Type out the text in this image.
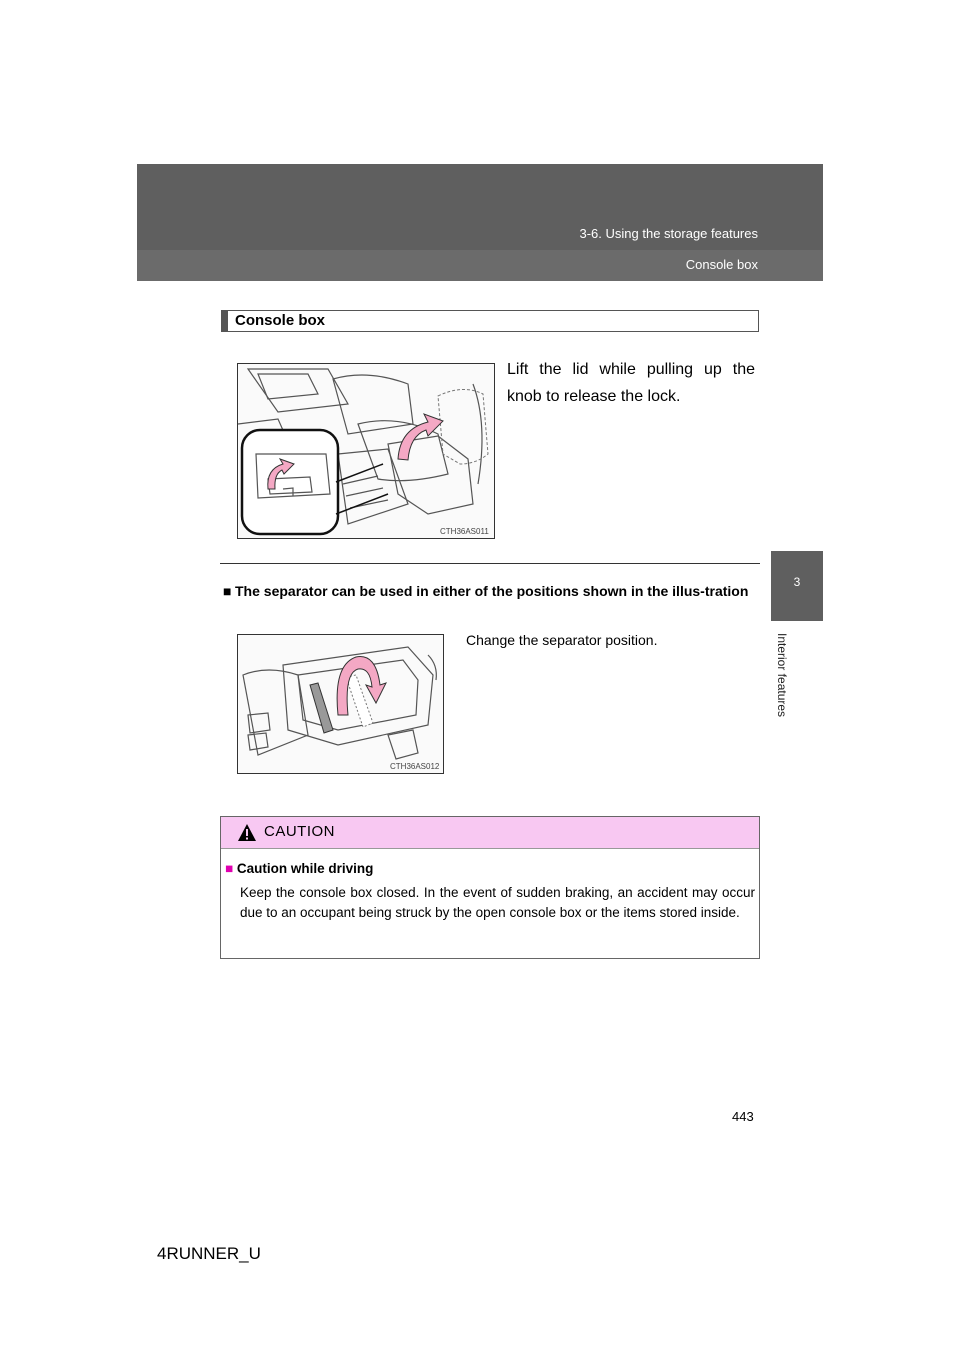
3-6. Using the storage features
Console box
3
Interior features
Console box
CTH36AS011
Lift the lid while pulling up the knob to release the lock.
■ The separator can be used in either of the positions shown in the illus-tration
CTH36AS012
Change the separator position.
CAUTION
■ Caution while driving
Keep the console box closed. In the event of sudden braking, an accident may occur due to an occupant being struck by the open console box or the items stored inside.
443
4RUNNER_U
